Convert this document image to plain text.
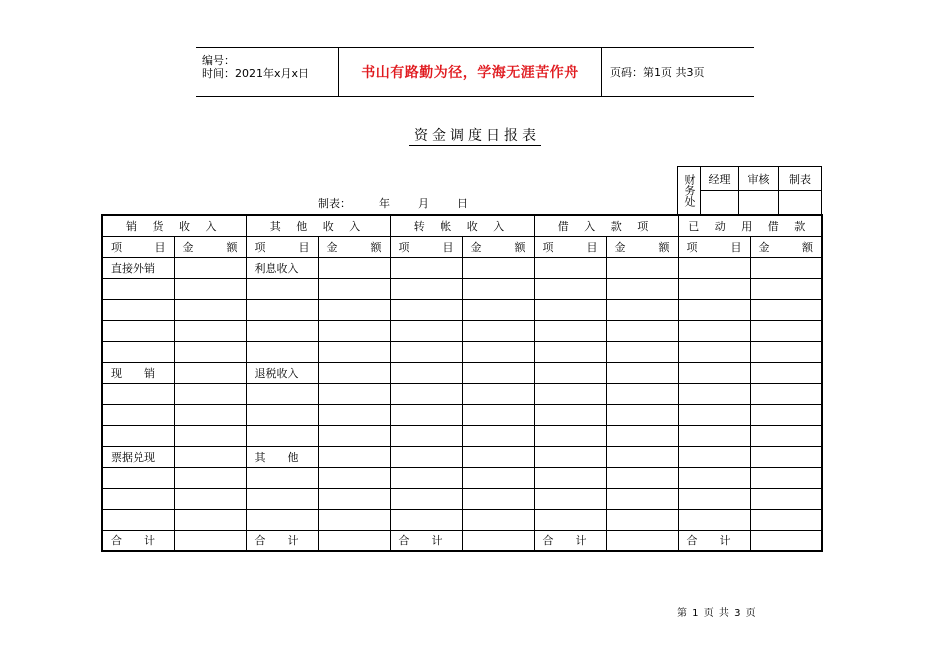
编号：
时间：2021年x月x日	书山有路勤为径，学海无涯苦作舟	页码：第1页 共3页
资金调度日报表
制表：	年	月	日	财务处	经理	审核	制表

销 货 收 入		其 他 收 入		转 帐 收 入		借 入 款 项		已 动 用 借 款	

项 目	金 额	项 目	金 额	项 目	金 额	项 目	金 额	项 目	金 额

直接外销		利息收入							

现　　销		退税收入							

票据兑现		其　　他							

合　　计		合　　计		合　　计		合　　计		合　　计	
第 1 页 共 3 页
